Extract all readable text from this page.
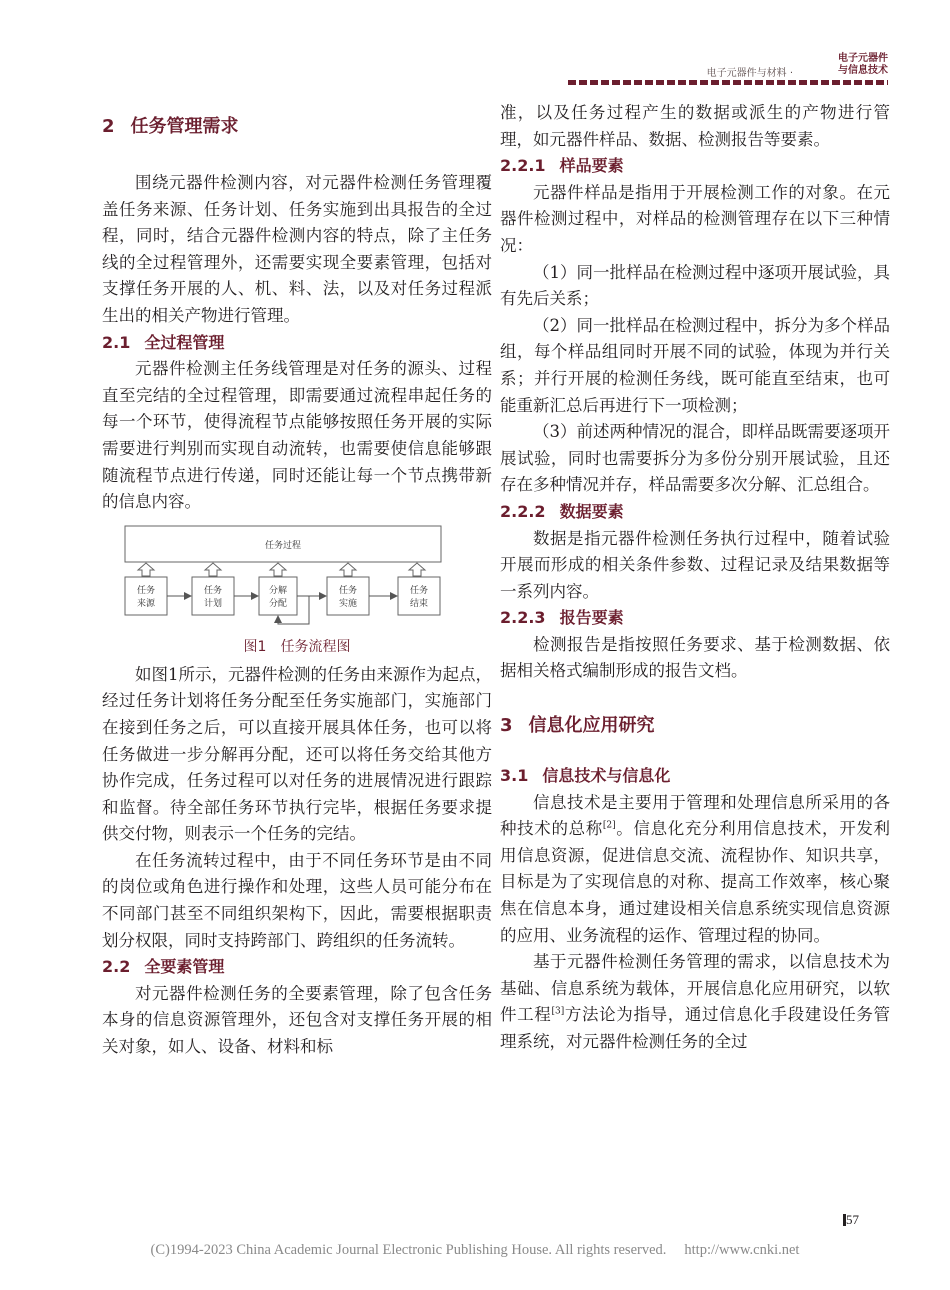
电子元器件与材料 ·
电子元器件
与信息技术
2 任务管理需求

围绕元器件检测内容，对元器件检测任务管理覆盖任务来源、任务计划、任务实施到出具报告的全过程，同时，结合元器件检测内容的特点，除了主任务线的全过程管理外，还需要实现全要素管理，包括对支撑任务开展的人、机、料、法，以及对任务过程派生出的相关产物进行管理。

2.1 全过程管理

元器件检测主任务线管理是对任务的源头、过程直至完结的全过程管理，即需要通过流程串起任务的每一个环节，使得流程节点能够按照任务开展的实际需要进行判别而实现自动流转，也需要使信息能够跟随流程节点进行传递，同时还能让每一个节点携带新的信息内容。

任务过程
任务
来源
任务
计划
分解
分配
任务
实施
任务
结束
图1 任务流程图

如图1所示，元器件检测的任务由来源作为起点，经过任务计划将任务分配至任务实施部门，实施部门在接到任务之后，可以直接开展具体任务，也可以将任务做进一步分解再分配，还可以将任务交给其他方协作完成，任务过程可以对任务的进展情况进行跟踪和监督。待全部任务环节执行完毕，根据任务要求提供交付物，则表示一个任务的完结。

在任务流转过程中，由于不同任务环节是由不同的岗位或角色进行操作和处理，这些人员可能分布在不同部门甚至不同组织架构下，因此，需要根据职责划分权限，同时支持跨部门、跨组织的任务流转。

2.2 全要素管理

对元器件检测任务的全要素管理，除了包含任务本身的信息资源管理外，还包含对支撑任务开展的相关对象，如人、设备、材料和标

准，以及任务过程产生的数据或派生的产物进行管理，如元器件样品、数据、检测报告等要素。

2.2.1 样品要素

元器件样品是指用于开展检测工作的对象。在元器件检测过程中，对样品的检测管理存在以下三种情况：

（1）同一批样品在检测过程中逐项开展试验，具有先后关系；

（2）同一批样品在检测过程中，拆分为多个样品组，每个样品组同时开展不同的试验，体现为并行关系；并行开展的检测任务线，既可能直至结束，也可能重新汇总后再进行下一项检测；

（3）前述两种情况的混合，即样品既需要逐项开展试验，同时也需要拆分为多份分别开展试验，且还存在多种情况并存，样品需要多次分解、汇总组合。

2.2.2 数据要素

数据是指元器件检测任务执行过程中，随着试验开展而形成的相关条件参数、过程记录及结果数据等一系列内容。

2.2.3 报告要素

检测报告是指按照任务要求、基于检测数据、依据相关格式编制形成的报告文档。

3 信息化应用研究
3.1 信息技术与信息化

信息技术是主要用于管理和处理信息所采用的各种技术的总称[2]。信息化充分利用信息技术，开发利用信息资源，促进信息交流、流程协作、知识共享，目标是为了实现信息的对称、提高工作效率，核心聚焦在信息本身，通过建设相关信息系统实现信息资源的应用、业务流程的运作、管理过程的协同。

基于元器件检测任务管理的需求，以信息技术为基础、信息系统为载体，开展信息化应用研究，以软件工程[3]方法论为指导，通过信息化手段建设任务管理系统，对元器件检测任务的全过

57
(C)1994-2023 China Academic Journal Electronic Publishing House. All rights reserved. http://www.cnki.net
